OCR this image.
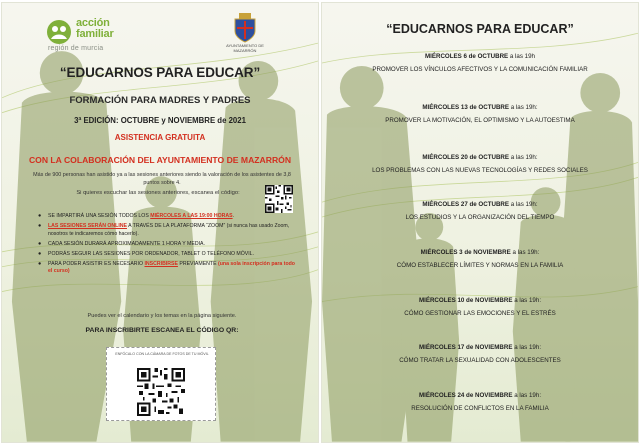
acción
familiar
región de murcia	AYUNTAMIENTO DE MAZARRÓN
“EDUCARNOS PARA EDUCAR”
FORMACIÓN PARA MADRES Y PADRES
3ª EDICIÓN: OCTUBRE y NOVIEMBRE de 2021
ASISTENCIA GRATUITA
CON LA COLABORACIÓN DEL AYUNTAMIENTO DE MAZARRÓN

Más de 900 personas han asistido ya a las sesiones anteriores siendo la valoración de los asistentes de 3,8 puntos sobre 4.

Si quieres escuchar las sesiones anteriores, escanea el código:

● SE IMPARTIRÁ UNA SESIÓN TODOS LOS MIÉRCOLES A LAS 19:00 HORAS.
● LAS SESIONES SERÁN ONLINE A TRAVÉS DE LA PLATAFORMA “ZOOM” (si nunca has usado Zoom, nosotros te indicaremos cómo hacerlo).
● CADA SESIÓN DURARÁ APROXIMADAMENTE 1 HORA Y MEDIA.
● PODRÁS SEGUIR LAS SESIONES POR ORDENADOR, TABLET O TELÉFONO MÓVIL.
● PARA PODER ASISTIR ES NECESARIO INSCRIBIRSE PREVIAMENTE (una sola inscripción para todo el curso)

Puedes ver el calendario y los temas en la página siguiente.

PARA INSCRIBIRTE ESCANEA EL CÓDIGO QR:

ENFÓCALO CON LA CÁMARA DE FOTOS DE TU MÓVIL
“EDUCARNOS PARA EDUCAR”
MIÉRCOLES 6 de OCTUBRE a las 19h
PROMOVER LOS VÍNCULOS AFECTIVOS Y LA COMUNICACIÓN FAMILIAR
MIÉRCOLES 13 de OCTUBRE a las 19h:
PROMOVER LA MOTIVACIÓN, EL OPTIMISMO Y LA AUTOESTIMA
MIÉRCOLES 20 de OCTUBRE a las 19h:
LOS PROBLEMAS CON LAS NUEVAS TECNOLOGÍAS Y REDES SOCIALES
MIÉRCOLES 27 de OCTUBRE a las 19h:
LOS ESTUDIOS Y LA ORGANIZACIÓN DEL TIEMPO
MIÉRCOLES 3 de NOVIEMBRE a las 19h:
CÓMO ESTABLECER LÍMITES Y NORMAS EN LA FAMILIA
MIÉRCOLES 10 de NOVIEMBRE a las 19h:
CÓMO GESTIONAR LAS EMOCIONES Y EL ESTRÉS
MIÉRCOLES 17 de NOVIEMBRE a las 19h:
CÓMO TRATAR LA SEXUALIDAD CON ADOLESCENTES
MIÉRCOLES 24 de NOVIEMBRE a las 19h:
RESOLUCIÓN DE CONFLICTOS EN LA FAMILIA
